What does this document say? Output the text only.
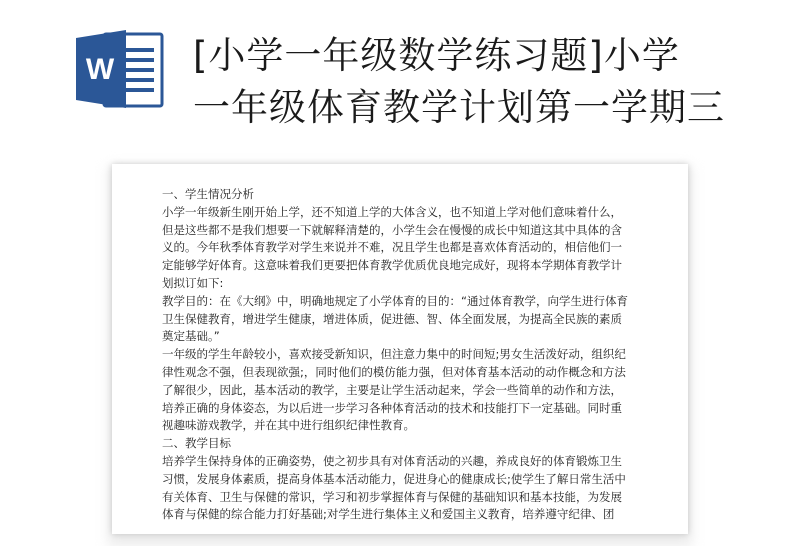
W [小学一年级数学练习题]小学
一年级体育教学计划第一学期三
一、学生情况分析
小学一年级新生刚开始上学，还不知道上学的大体含义，也不知道上学对他们意味着什么，
但是这些都不是我们想要一下就解释清楚的，小学生会在慢慢的成长中知道这其中具体的含
义的。今年秋季体育教学对学生来说并不难，况且学生也都是喜欢体育活动的，相信他们一
定能够学好体育。这意味着我们更要把体育教学优质优良地完成好，现将本学期体育教学计
划拟订如下:
教学目的：在《大纲》中，明确地规定了小学体育的目的：“通过体育教学，向学生进行体育
卫生保健教育，增进学生健康，增进体质，促进德、智、体全面发展，为提高全民族的素质
奠定基础。”
一年级的学生年龄较小，喜欢接受新知识，但注意力集中的时间短;男女生活泼好动，组织纪
律性观念不强，但表现欲强;，同时他们的模仿能力强，但对体育基本活动的动作概念和方法
了解很少，因此，基本活动的教学，主要是让学生活动起来，学会一些简单的动作和方法，
培养正确的身体姿态，为以后进一步学习各种体育活动的技术和技能打下一定基础。同时重
视趣味游戏教学，并在其中进行组织纪律性教育。
二、教学目标
培养学生保持身体的正确姿势，使之初步具有对体育活动的兴趣，养成良好的体育锻炼卫生
习惯，发展身体素质，提高身体基本活动能力，促进身心的健康成长;使学生了解日常生活中
有关体育、卫生与保健的常识，学习和初步掌握体育与保健的基础知识和基本技能，为发展
体育与保健的综合能力打好基础;对学生进行集体主义和爱国主义教育，培养遵守纪律、团
